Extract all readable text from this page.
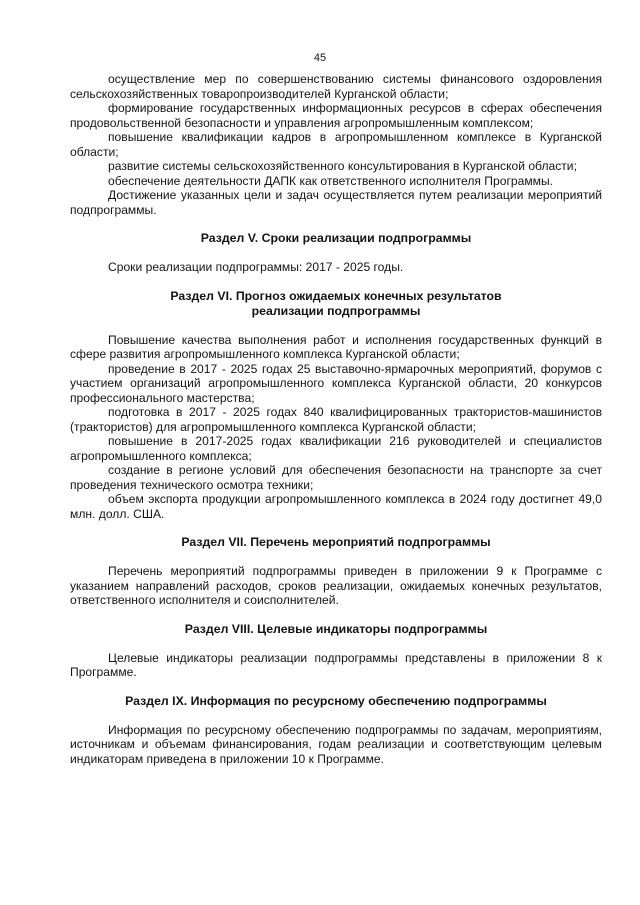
45

осуществление мер по совершенствованию системы финансового оздоровления сельскохозяйственных товаропроизводителей Курганской области;

формирование государственных информационных ресурсов в сферах обеспечения продовольственной безопасности и управления агропромышленным комплексом;

повышение квалификации кадров в агропромышленном комплексе в Курганской области;

развитие системы сельскохозяйственного консультирования в Курганской области;

обеспечение деятельности ДАПК как ответственного исполнителя Программы.

Достижение указанных цели и задач осуществляется путем реализации мероприятий подпрограммы.

Раздел V. Сроки реализации подпрограммы

Сроки реализации подпрограммы: 2017 - 2025 годы.

Раздел VI. Прогноз ожидаемых конечных результатов
реализации подпрограммы

Повышение качества выполнения работ и исполнения государственных функций в сфере развития агропромышленного комплекса Курганской области;

проведение в 2017 - 2025 годах 25 выставочно-ярмарочных мероприятий, форумов с участием организаций агропромышленного комплекса Курганской области, 20 конкурсов профессионального мастерства;

подготовка в 2017 - 2025 годах 840 квалифицированных трактористов-машинистов (трактористов) для агропромышленного комплекса Курганской области;

повышение в 2017-2025 годах квалификации 216 руководителей и специалистов агропромышленного комплекса;

создание в регионе условий для обеспечения безопасности на транспорте за счет проведения технического осмотра техники;

объем экспорта продукции агропромышленного комплекса в 2024 году достигнет 49,0 млн. долл. США.

Раздел VII. Перечень мероприятий подпрограммы

Перечень мероприятий подпрограммы приведен в приложении 9 к Программе с указанием направлений расходов, сроков реализации, ожидаемых конечных результатов, ответственного исполнителя и соисполнителей.

Раздел VIII. Целевые индикаторы подпрограммы

Целевые индикаторы реализации подпрограммы представлены в приложении 8 к Программе.

Раздел IX. Информация по ресурсному обеспечению подпрограммы

Информация по ресурсному обеспечению подпрограммы по задачам, мероприятиям, источникам и объемам финансирования, годам реализации и соответствующим целевым индикаторам приведена в приложении 10 к Программе.
